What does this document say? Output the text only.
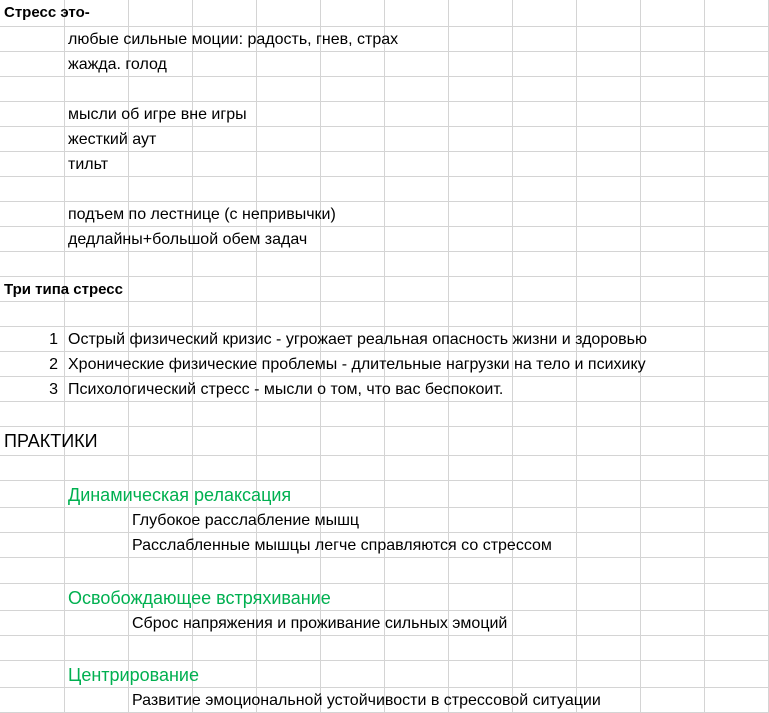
Стресс это-
любые сильные моции: радость, гнев, страх
жажда. голод
мысли об игре вне игры
жесткий аут
тильт
подъем по лестнице (с непривычки)
дедлайны+большой обем задач
Три типа стресс
1 Острый физический кризис - угрожает реальная опасность жизни и здоровью
2 Хронические физические проблемы - длительные нагрузки на тело и психику
3 Психологический стресс - мысли о том, что вас беспокоит.
ПРАКТИКИ
Динамическая релаксация
Глубокое расслабление мышц
Расслабленные мышцы легче справляются со стрессом
Освобождающее встряхивание
Сброс напряжения и проживание сильных эмоций
Центрирование
Развитие эмоциональной устойчивости в стрессовой ситуации
